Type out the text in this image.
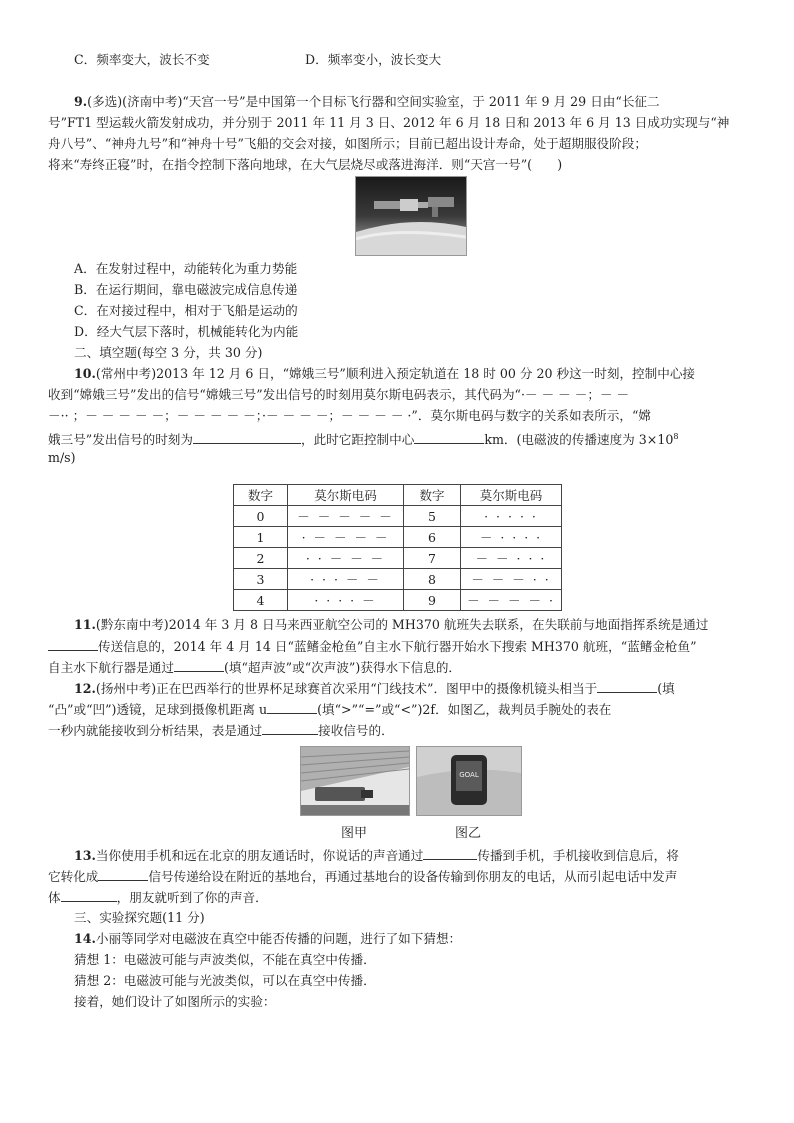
C．频率变大，波长不变	D．频率变小，波长变大
9.(多选)(济南中考)“天宫一号”是中国第一个目标飞行器和空间实验室，于 2011 年 9 月 29 日由“长征二
号”FT1 型运载火箭发射成功，并分别于 2011 年 11 月 3 日、2012 年 6 月 18 日和 2013 年 6 月 13 日成功实现与“神
舟八号”、“神舟九号”和“神舟十号”飞船的交会对接，如图所示；目前已超出设计寿命，处于超期服役阶段；
将来“寿终正寝”时，在指令控制下落向地球，在大气层烧尽或落进海洋．则“天宫一号”(　　)
A．在发射过程中，动能转化为重力势能
B．在运行期间，靠电磁波完成信息传递
C．在对接过程中，相对于飞船是运动的
D．经大气层下落时，机械能转化为内能
二、填空题(每空 3 分，共 30 分)
10.(常州中考)2013 年 12 月 6 日，“嫦娥三号”顺利进入预定轨道在 18 时 00 分 20 秒这一时刻，控制中心接
收到“嫦娥三号”发出的信号“嫦娥三号”发出信号的时刻用莫尔斯电码表示，其代码为“·－ － － －；－ －
－·· ；－ － － － －；－ － － － －；·－ － － －；－ － － － ·”．莫尔斯电码与数字的关系如表所示，“嫦
娥三号”发出信号的时刻为	，此时它距控制中心	km．(电磁波的传播速度为 $3\times 10^8$
m/s)
数字	莫尔斯电码	数字	莫尔斯电码
0	－ － － － －	5	· · · · ·
1	· － － － －	6	－ · · · ·
2	· · － － －	7	－ － · · ·
3	· · · － －	8	－ － － · ·
4	· · · · －	9	－ － － － ·
11.(黔东南中考)2014 年 3 月 8 日马来西亚航空公司的 MH370 航班失去联系，在失联前与地面指挥系统是通过
传送信息的，2014 年 4 月 14 日“蓝鳍金枪鱼”自主水下航行器开始水下搜索 MH370 航班，“蓝鳍金枪鱼”
自主水下航行器是通过	(填“超声波”或“次声波”)获得水下信息的．
12.(扬州中考)正在巴西举行的世界杯足球赛首次采用“门线技术”．图甲中的摄像机镜头相当于	(填
“凸”或“凹”)透镜，足球到摄像机距离 u	(填“>”“=”或“<”)2f．如图乙，裁判员手腕处的表在
一秒内就能接收到分析结果，表是通过	接收信号的．
GOAL
图甲	图乙
13.当你使用手机和远在北京的朋友通话时，你说话的声音通过	传播到手机，手机接收到信息后，将
它转化成	信号传递给设在附近的基地台，再通过基地台的设备传输到你朋友的电话，从而引起电话中发声
体	，朋友就听到了你的声音．
三、实验探究题(11 分)
14.小丽等同学对电磁波在真空中能否传播的问题，进行了如下猜想：
猜想 1：电磁波可能与声波类似，不能在真空中传播．
猜想 2：电磁波可能与光波类似，可以在真空中传播．
接着，她们设计了如图所示的实验：
